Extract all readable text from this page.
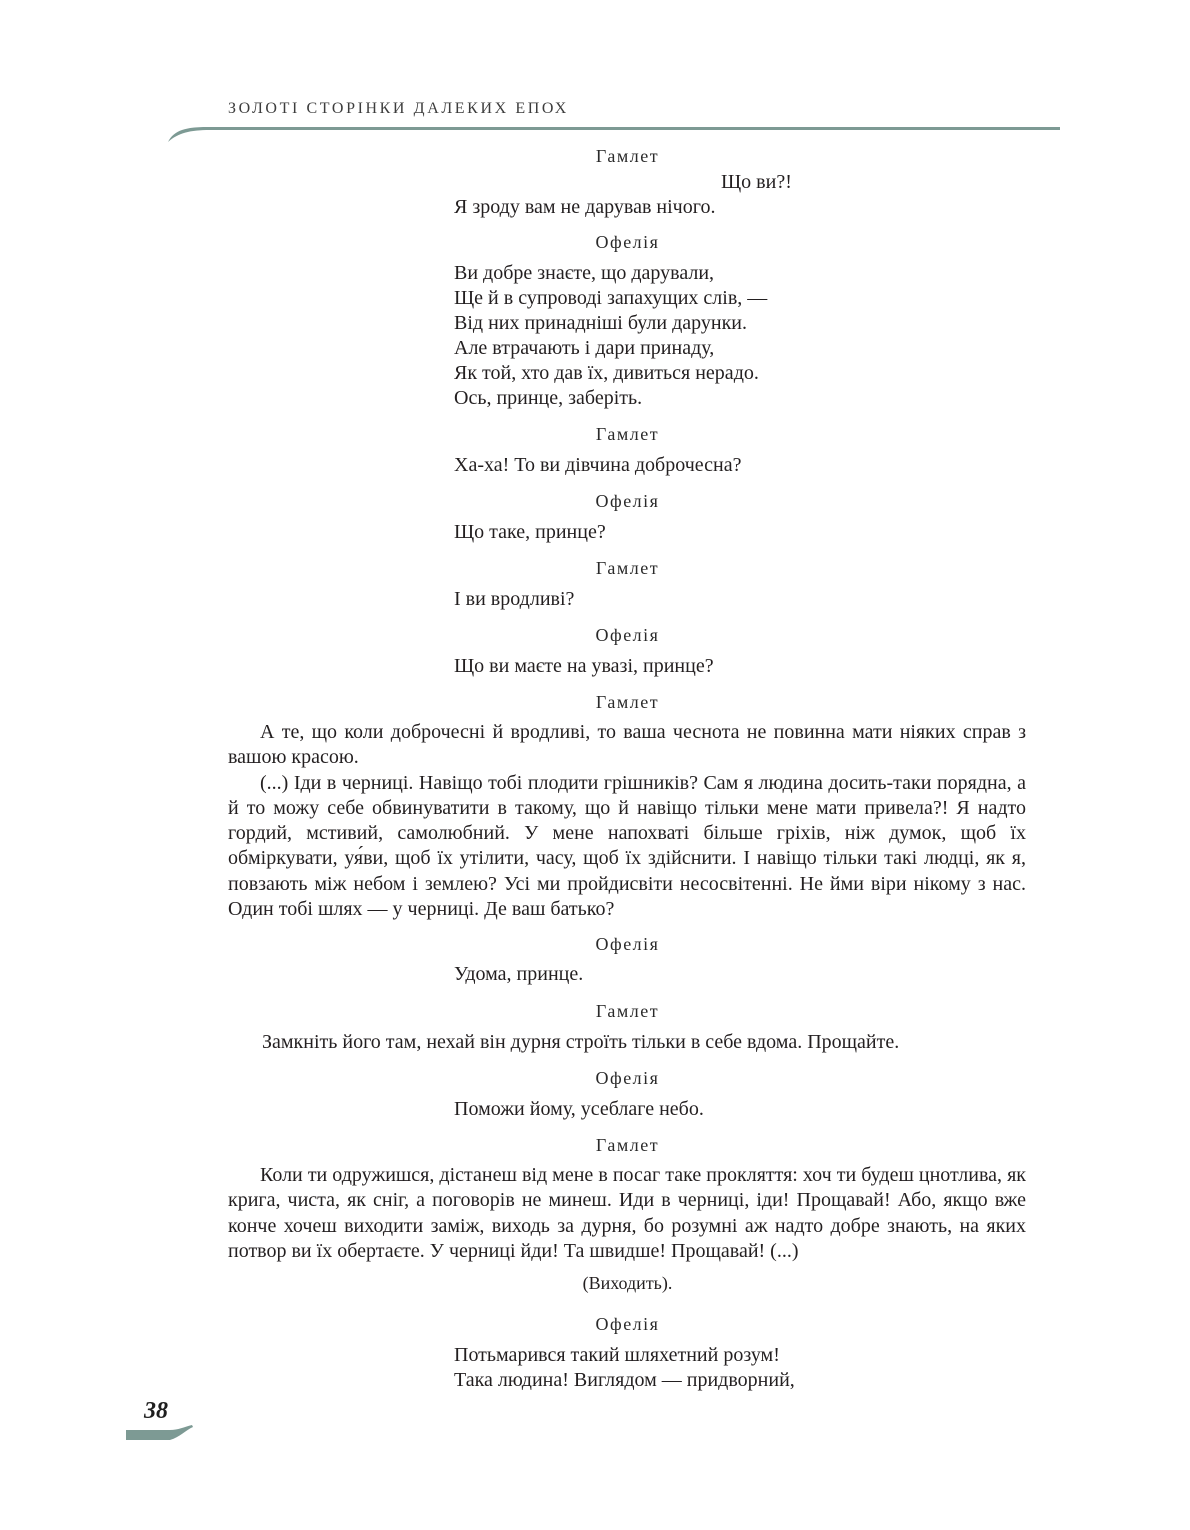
ЗОЛОТІ СТОРІНКИ ДАЛЕКИХ ЕПОХ
Гамлет
Що ви?!
Я зроду вам не дарував нічого.
Офелія
Ви добре знаєте, що дарували,
Ще й в супроводі запахущих слів, —
Від них принадніші були дарунки.
Але втрачають і дари принаду,
Як той, хто дав їх, дивиться нерадо.
Ось, принце, заберіть.
Гамлет
Ха-ха! То ви дівчина доброчесна?
Офелія
Що таке, принце?
Гамлет
І ви вродливі?
Офелія
Що ви маєте на увазі, принце?
Гамлет

А те, що коли доброчесні й вродливі, то ваша чеснота не повинна мати ніяких справ з вашою красою.

(...) Іди в черниці. Навіщо тобі плодити грішників? Сам я людина досить-таки порядна, а й то можу себе обвинуватити в такому, що й навіщо тільки мене мати привела?! Я надто гордий, мстивий, самолюбний. У мене напохваті більше гріхів, ніж думок, щоб їх обміркувати, уя́ви, щоб їх утілити, часу, щоб їх здійснити. І навіщо тільки такі людці, як я, повзають між небом і землею? Усі ми пройдисвіти несосвітенні. Не йми віри нікому з нас. Один тобі шлях — у черниці. Де ваш батько?

Офелія
Удома, принце.
Гамлет
Замкніть його там, нехай він дурня строїть тільки в себе вдома. Прощайте.
Офелія
Поможи йому, усеблаге небо.
Гамлет

Коли ти одружишся, дістанеш від мене в посаг таке прокляття: хоч ти будеш цнотлива, як крига, чиста, як сніг, а поговорів не минеш. Иди в черниці, іди! Прощавай! Або, якщо вже конче хочеш виходити заміж, виходь за дурня, бо розумні аж надто добре знають, на яких потвор ви їх обертаєте. У черниці йди! Та швидше! Прощавай! (...)

(Виходить).
Офелія
Потьмарився такий шляхетний розум!
Така людина! Виглядом — придворний,
38
